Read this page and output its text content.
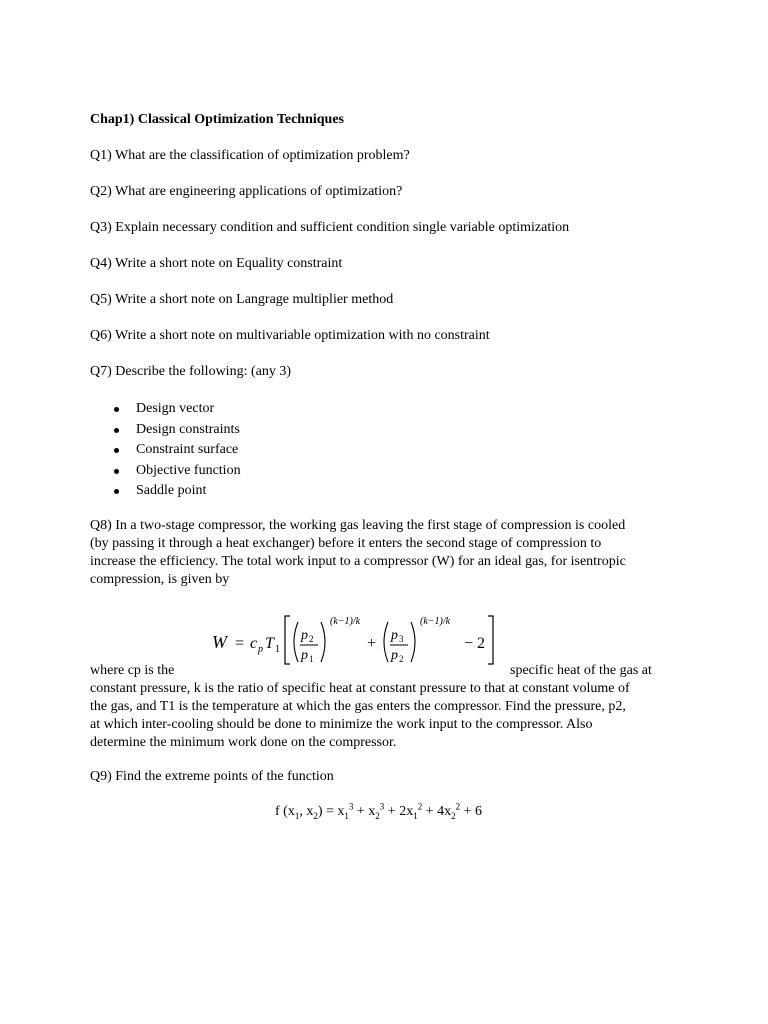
Chap1) Classical Optimization Techniques
Q1) What are the classification of optimization problem?
Q2) What are engineering applications of optimization?
Q3) Explain necessary condition and sufficient condition single variable optimization
Q4) Write a short note on Equality constraint
Q5) Write a short note on Langrage multiplier method
Q6) Write a short note on multivariable optimization with no constraint
Q7) Describe the following: (any 3)
Design vector
Design constraints
Constraint surface
Objective function
Saddle point

Q8) In a two-stage compressor, the working gas leaving the first stage of compression is cooled

(by passing it through a heat exchanger) before it enters the second stage of compression to

increase the efficiency. The total work input to a compressor (W) for an ideal gas, for isentropic

compression, is given by

W = c p T 1
p 2
p 1
(k−1)/k
+ p 3
p 2
(k−1)/k
− 2
where cp is the	specific heat of the gas at

constant pressure, k is the ratio of specific heat at constant pressure to that at constant volume of

the gas, and T1 is the temperature at which the gas enters the compressor. Find the pressure, p2,

at which inter-cooling should be done to minimize the work input to the compressor. Also

determine the minimum work done on the compressor.

Q9) Find the extreme points of the function
f ($x_1$, $x_2) = x_1^3 + x_2^3 + 2x_1^2 + 4x_2^2 + 6$
